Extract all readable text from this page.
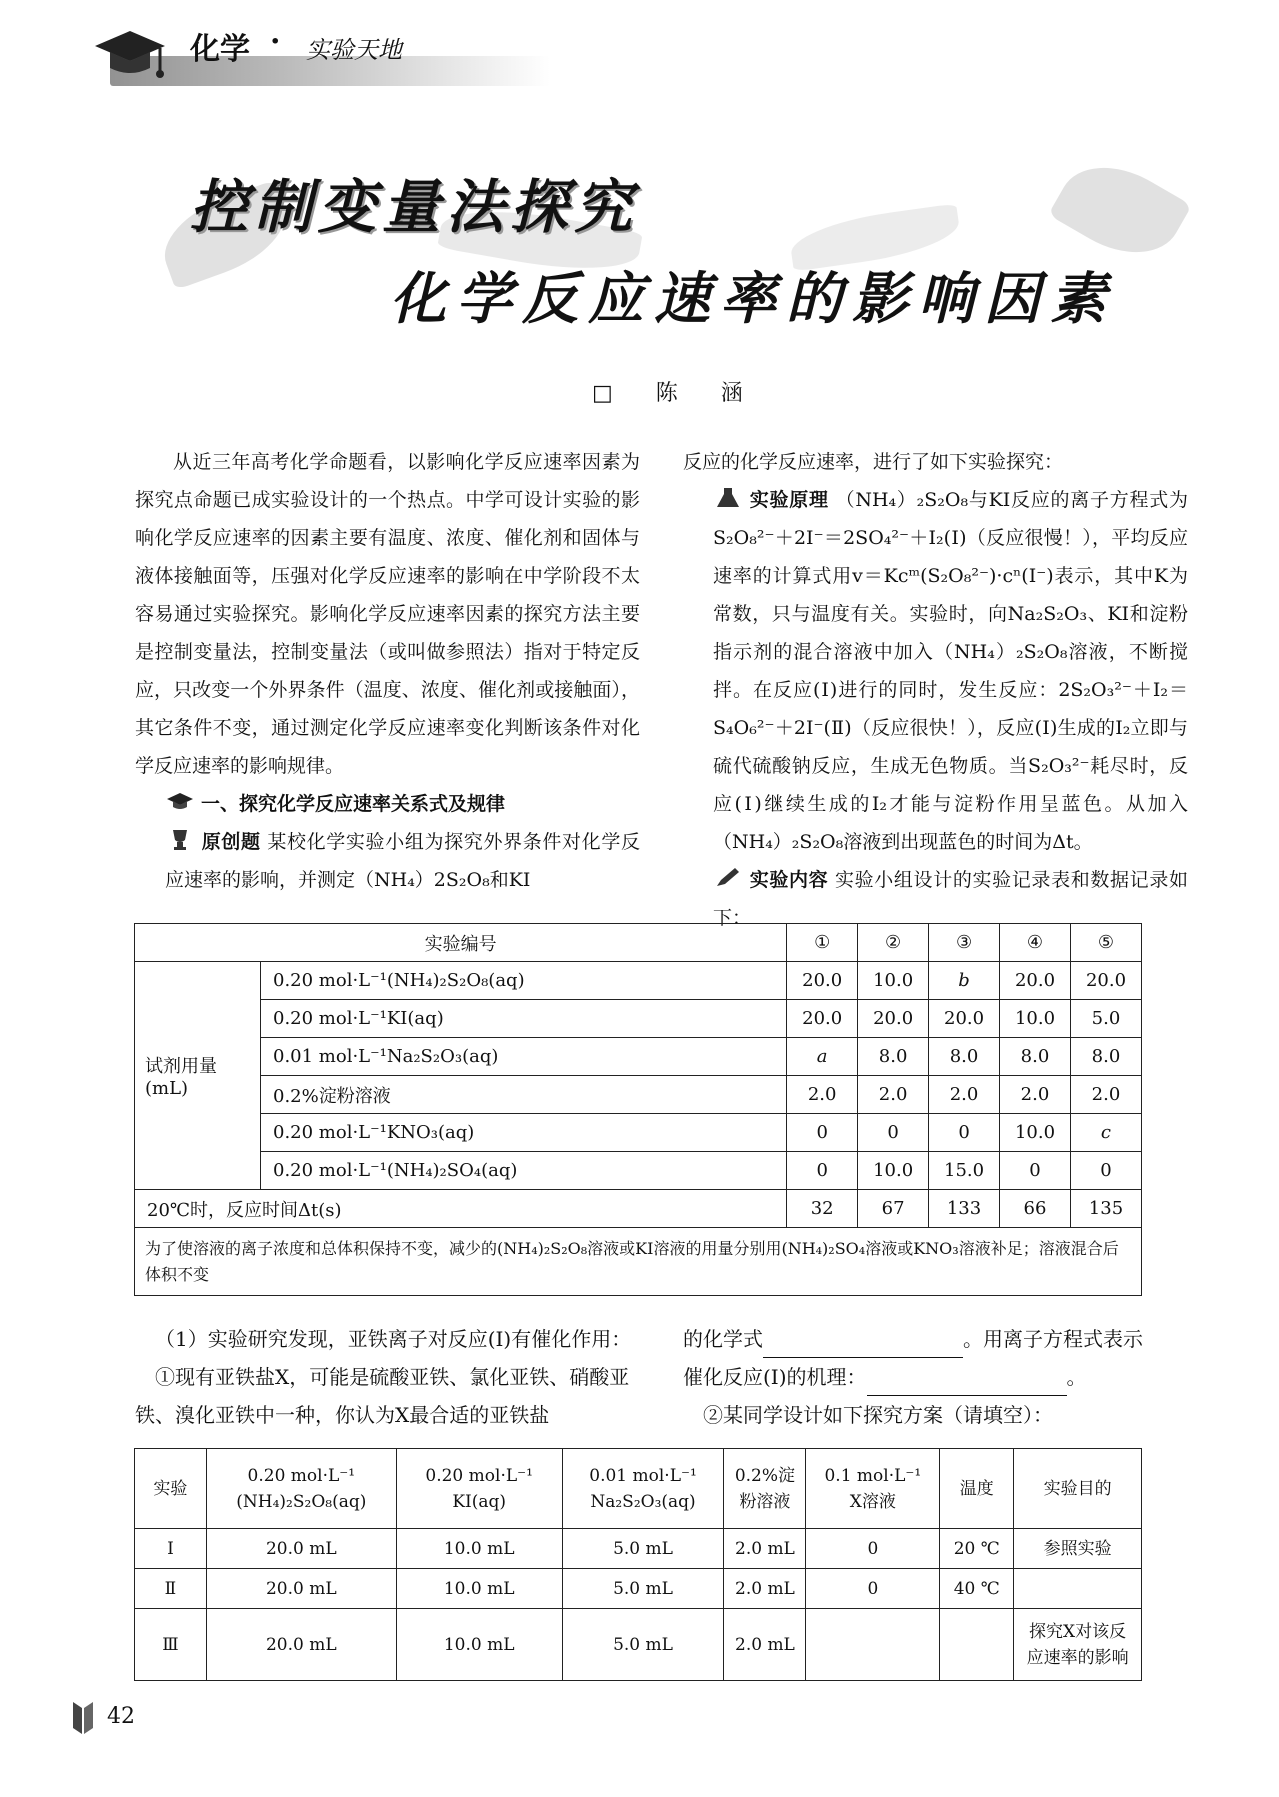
化学 · 实验天地
控制变量法探究
化学反应速率的影响因素
□ 陈 涵

从近三年高考化学命题看，以影响化学反应速率因素为探究点命题已成实验设计的一个热点。中学可设计实验的影响化学反应速率的因素主要有温度、浓度、催化剂和固体与液体接触面等，压强对化学反应速率的影响在中学阶段不太容易通过实验探究。影响化学反应速率因素的探究方法主要是控制变量法，控制变量法（或叫做参照法）指对于特定反应，只改变一个外界条件（温度、浓度、催化剂或接触面），其它条件不变，通过测定化学反应速率变化判断该条件对化学反应速率的影响规律。

一、探究化学反应速率关系式及规律
原创题 某校化学实验小组为探究外界条件对化学反应速率的影响，并测定（NH₄）2S₂O₈和KI
反应的化学反应速率，进行了如下实验探究：
实验原理 （NH₄）₂S₂O₈与KI反应的离子方程式为S₂O₈²⁻＋2I⁻＝2SO₄²⁻＋I₂(Ⅰ)（反应很慢！），平均反应速率的计算式用v＝Kcᵐ(S₂O₈²⁻)·cⁿ(I⁻)表示，其中K为常数，只与温度有关。实验时，向Na₂S₂O₃、KI和淀粉指示剂的混合溶液中加入（NH₄）₂S₂O₈溶液，不断搅拌。在反应(Ⅰ)进行的同时，发生反应：2S₂O₃²⁻＋I₂＝S₄O₆²⁻＋2I⁻(Ⅱ)（反应很快！），反应(Ⅰ)生成的I₂立即与硫代硫酸钠反应，生成无色物质。当S₂O₃²⁻耗尽时，反应(Ⅰ)继续生成的I₂才能与淀粉作用呈蓝色。从加入（NH₄）₂S₂O₈溶液到出现蓝色的时间为Δt。
实验内容 实验小组设计的实验记录表和数据记录如下：
实验编号		①	②	③	④	⑤
试剂用量(mL)	0.20 mol·L⁻¹(NH₄)₂S₂O₈(aq)	20.0	10.0	b	20.0	20.0
	0.20 mol·L⁻¹KI(aq)	20.0	20.0	20.0	10.0	5.0
	0.01 mol·L⁻¹Na₂S₂O₃(aq)	a	8.0	8.0	8.0	8.0
	0.2%淀粉溶液	2.0	2.0	2.0	2.0	2.0
	0.20 mol·L⁻¹KNO₃(aq)	0	0	0	10.0	c
	0.20 mol·L⁻¹(NH₄)₂SO₄(aq)	0	10.0	15.0	0	0
20℃时，反应时间Δt(s)		32	67	133	66	135
为了使溶液的离子浓度和总体积保持不变，减少的(NH₄)₂S₂O₈溶液或KI溶液的用量分别用(NH₄)₂SO₄溶液或KNO₃溶液补足；溶液混合后体积不变						
（1）实验研究发现，亚铁离子对反应(Ⅰ)有催化作用：
①现有亚铁盐X，可能是硫酸亚铁、氯化亚铁、硝酸亚铁、溴化亚铁中一种，你认为X最合适的亚铁盐
的化学式	。用离子方程式表示
催化反应(Ⅰ)的机理：	。
②某同学设计如下探究方案（请填空）：
实验	0.20 mol·L⁻¹ (NH₄)₂S₂O₈(aq)	0.20 mol·L⁻¹ KI(aq)	0.01 mol·L⁻¹ Na₂S₂O₃(aq)	0.2%淀粉溶液	0.1 mol·L⁻¹ X溶液	温度	实验目的
Ⅰ	20.0 mL	10.0 mL	5.0 mL	2.0 mL	0	20 ℃	参照实验
Ⅱ	20.0 mL	10.0 mL	5.0 mL	2.0 mL	0	40 ℃	
Ⅲ	20.0 mL	10.0 mL	5.0 mL	2.0 mL			探究X对该反应速率的影响
42
